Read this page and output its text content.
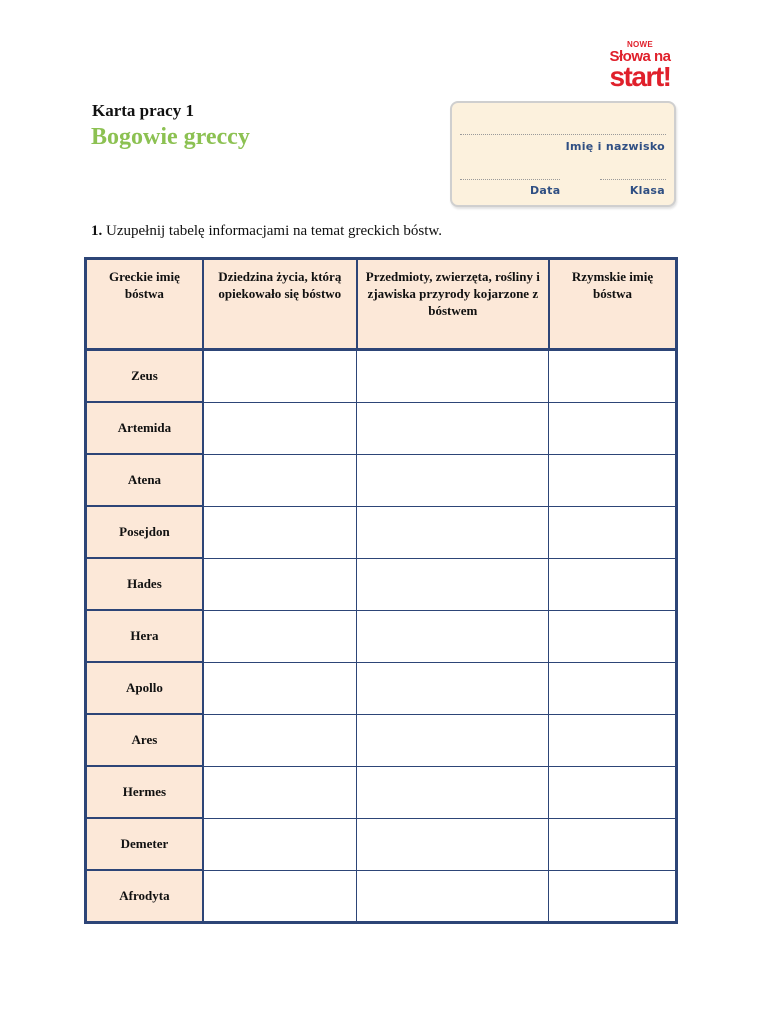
NOWE
Słowa na
start!
Karta pracy 1
Bogowie greccy	Imię i nazwisko
Data	Klasa
1. Uzupełnij tabelę informacjami na temat greckich bóstw.
Greckie imię bóstwa	Dziedzina życia, którą opiekowało się bóstwo	Przedmioty, zwierzęta, rośliny i zjawiska przyrody kojarzone z bóstwem	Rzymskie imię bóstwa
Zeus			
Artemida			
Atena			
Posejdon			
Hades			
Hera			
Apollo			
Ares			
Hermes			
Demeter			
Afrodyta			
